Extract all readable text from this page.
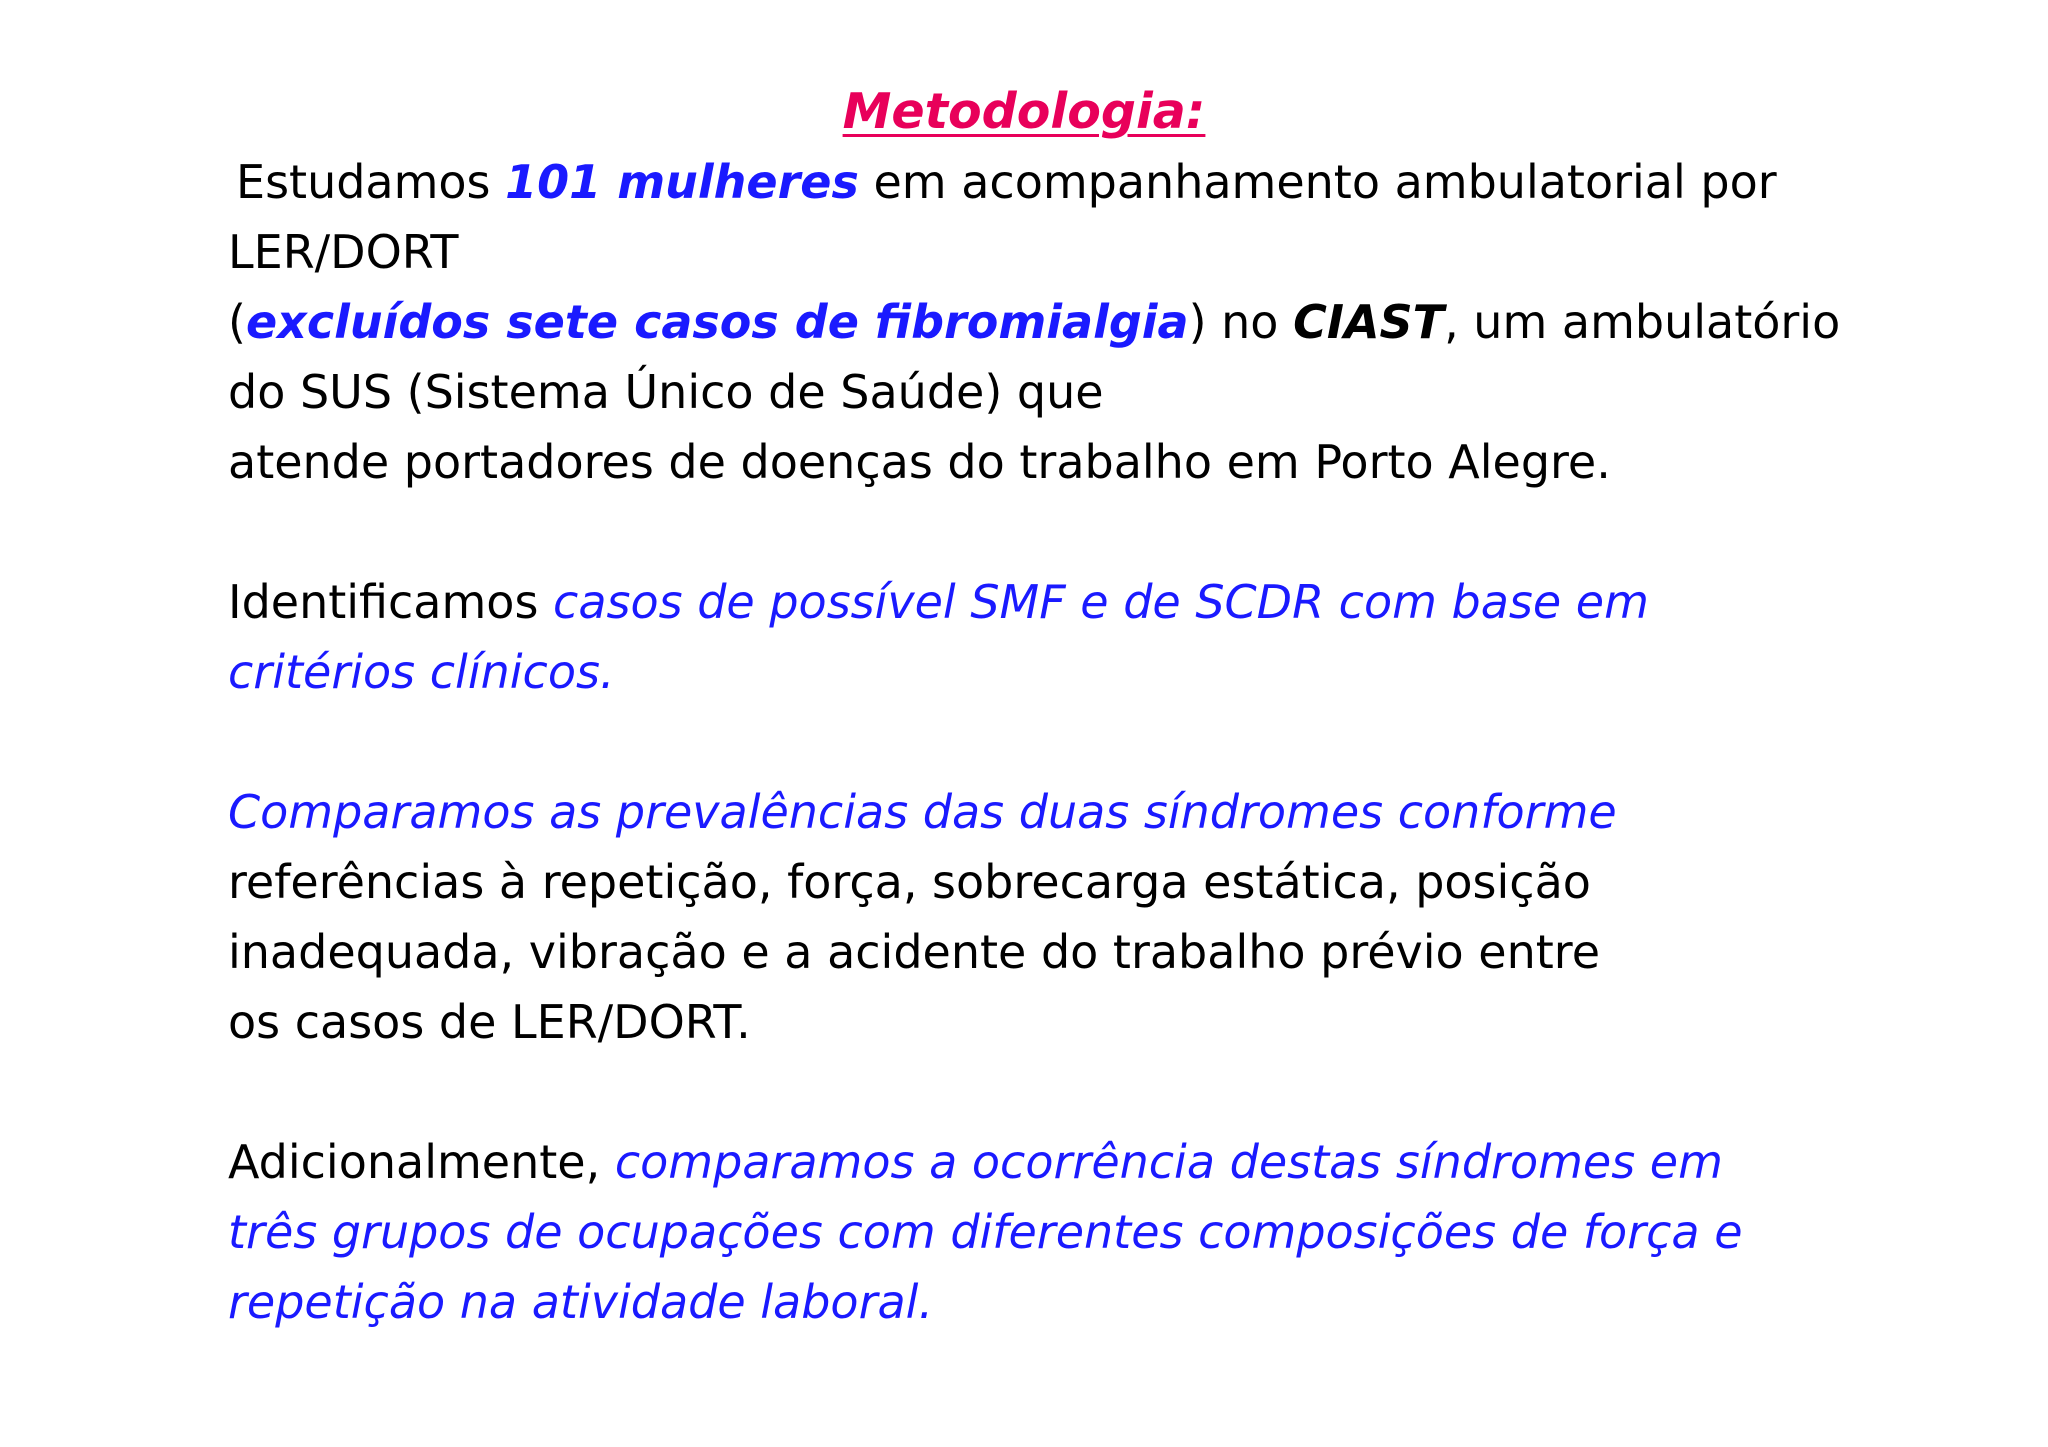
Metodologia:
Estudamos 101 mulheres em acompanhamento ambulatorial por
LER/DORT
(excluídos sete casos de fibromialgia) no CIAST, um ambulatório
do SUS (Sistema Único de Saúde) que
atende portadores de doenças do trabalho em Porto Alegre.
Identificamos casos de possível SMF e de SCDR com base em
critérios clínicos.
Comparamos as prevalências das duas síndromes conforme
referências à repetição, força, sobrecarga estática, posição
inadequada, vibração e a acidente do trabalho prévio entre
os casos de LER/DORT.
Adicionalmente, comparamos a ocorrência destas síndromes em
três grupos de ocupações com diferentes composições de força e
repetição na atividade laboral.
